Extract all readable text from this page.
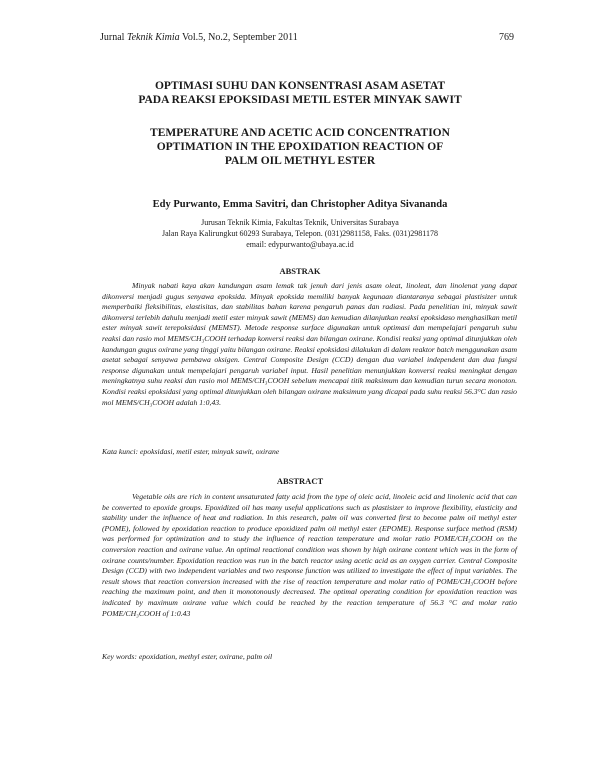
Jurnal Teknik Kimia Vol.5, No.2, September 2011	769
OPTIMASI SUHU DAN KONSENTRASI ASAM ASETAT
PADA REAKSI EPOKSIDASI METIL ESTER MINYAK SAWIT
TEMPERATURE AND ACETIC ACID CONCENTRATION
OPTIMATION IN THE EPOXIDATION REACTION OF
PALM OIL METHYL ESTER
Edy Purwanto, Emma Savitri, dan Christopher Aditya Sivananda
Jurusan Teknik Kimia, Fakultas Teknik, Universitas Surabaya
Jalan Raya Kalirungkut 60293 Surabaya, Telepon. (031)2981158, Faks. (031)2981178
email: edypurwanto@ubaya.ac.id
ABSTRAK

Minyak nabati kaya akan kandungan asam lemak tak jenuh dari jenis asam oleat, linoleat, dan linolenat yang dapat dikonversi menjadi gugus senyawa epoksida. Minyak epoksida memiliki banyak kegunaan diantaranya sebagai plastisizer untuk memperbaiki fleksibilitas, elastisitas, dan stabilitas bahan karena pengaruh panas dan radiasi. Pada penelitian ini, minyak sawit dikonversi terlebih dahulu menjadi metil ester minyak sawit (MEMS) dan kemudian dilanjutkan reaksi epoksidaso menghasilkan metil ester minyak sawit terepoksidasi (MEMST). Metode response surface digunakan untuk optimasi dan mempelajari pengaruh suhu reaksi dan rasio mol MEMS/CH₃COOH terhadap konversi reaksi dan bilangan oxirane. Kondisi reaksi yang optimal ditunjukkan oleh kandungan gugus oxirane yang tinggi yaitu bilangan oxirane. Reaksi epoksidasi dilakukan di dalam reaktor batch menggunakan asam asetat sebagai senyawa pembawa oksigen. Central Composite Design (CCD) dengan dua variabel independent dan dua fungsi response digunakan untuk mempelajari pengaruh variabel input. Hasil penelitian menunjukkan konversi reaksi meningkat dengan meningkatnya suhu reaksi dan rasio mol MEMS/CH₃COOH sebelum mencapai titik maksimum dan kemudian turun secara monoton. Kondisi reaksi epoksidasi yang optimal ditunjukkan oleh bilangan oxirane maksimum yang dicapai pada suhu reaksi 56.3°C dan rasio mol MEMS/CH₃COOH adalah 1:0,43.

Kata kunci: epoksidasi, metil ester, minyak sawit, oxirane
ABSTRACT

Vegetable oils are rich in content unsaturated fatty acid from the type of oleic acid, linoleic acid and linolenic acid that can be converted to epoxide groups. Epoxidized oil has many useful applications such as plastisizer to improve flexibility, elasticity and stability under the influence of heat and radiation. In this research, palm oil was converted first to become palm oil methyl ester (POME), followed by epoxidation reaction to produce epoxidized palm oil methyl ester (EPOME). Response surface method (RSM) was performed for optimization and to study the influence of reaction temperature and molar ratio POME/CH₃COOH on the conversion reaction and oxirane value. An optimal reactional condition was shown by high oxirane content which was in the form of oxirane counts/number. Epoxidation reaction was run in the batch reactor using acetic acid as an oxygen carrier. Central Composite Design (CCD) with two independent variables and two response function was utilized to investigate the effect of input variables. The result shows that reaction conversion increased with the rise of reaction temperature and molar ratio of POME/CH₃COOH before reaching the maximum point, and then it monotonously decreased. The optimal operating condition for epoxidation reaction was indicated by maximum oxirane value which could be reached by the reaction temperature of 56.3 °C and molar ratio POME/CH₃COOH of 1:0.43

Key words: epoxidation, methyl ester, oxirane, palm oil
